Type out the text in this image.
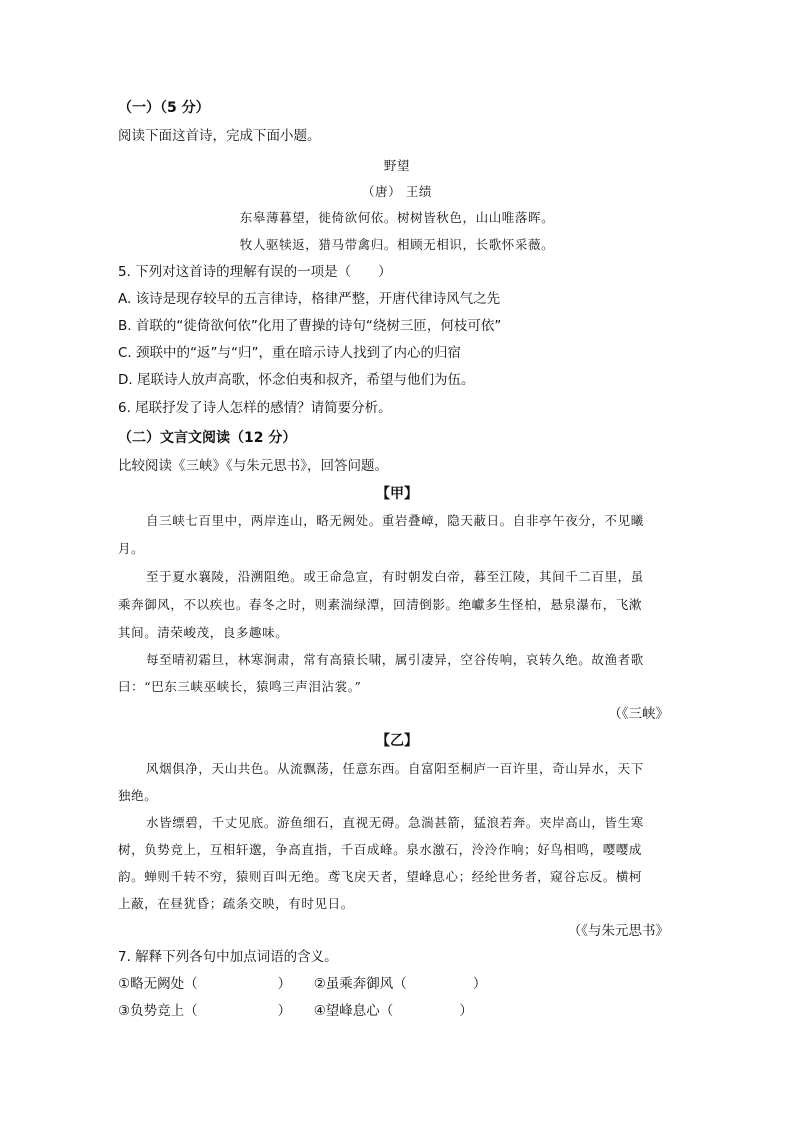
（一）（5 分）
阅读下面这首诗，完成下面小题。
野望
（唐） 王绩
东皋薄暮望，徙倚欲何依。树树皆秋色，山山唯落晖。
牧人驱犊返，猎马带禽归。相顾无相识，长歌怀采薇。
5. 下列对这首诗的理解有误的一项是（　　）
A. 该诗是现存较早的五言律诗，格律严整，开唐代律诗风气之先
B. 首联的“徙倚欲何依”化用了曹操的诗句“绕树三匝，何枝可依”
C. 颈联中的“返”与“归”，重在暗示诗人找到了内心的归宿
D. 尾联诗人放声高歌，怀念伯夷和叔齐，希望与他们为伍。
6. 尾联抒发了诗人怎样的感情？请简要分析。
（二）文言文阅读（12 分）
比较阅读《三峡》《与朱元思书》，回答问题。
【甲】
自三峡七百里中，两岸连山，略无阙处。重岩叠嶂，隐天蔽日。自非亭午夜分，不见曦
月。
至于夏水襄陵，沿溯阻绝。或王命急宣，有时朝发白帝，暮至江陵，其间千二百里，虽
乘奔御风，不以疾也。春冬之时，则素湍绿潭，回清倒影。绝巘多生怪柏，悬泉瀑布，飞漱
其间。清荣峻茂，良多趣味。
每至晴初霜旦，林寒涧肃，常有高猿长啸，属引凄异，空谷传响，哀转久绝。故渔者歌
曰：“巴东三峡巫峡长，猿鸣三声泪沾裳。”
（《三峡》
【乙】
风烟俱净，天山共色。从流飘荡，任意东西。自富阳至桐庐一百许里，奇山异水，天下
独绝。
水皆缥碧，千丈见底。游鱼细石，直视无碍。急湍甚箭，猛浪若奔。夹岸高山，皆生寒
树，负势竞上，互相轩邈，争高直指，千百成峰。泉水激石，泠泠作响；好鸟相鸣，嘤嘤成
韵。蝉则千转不穷，猿则百叫无绝。鸢飞戾天者，望峰息心；经纶世务者，窥谷忘反。横柯
上蔽，在昼犹昏；疏条交映，有时见日。
（《与朱元思书》
7. 解释下列各句中加点词语的含义。
①略无阙处（	） ②虽乘奔御风（	）
③负势竞上（	） ④望峰息心（	）
